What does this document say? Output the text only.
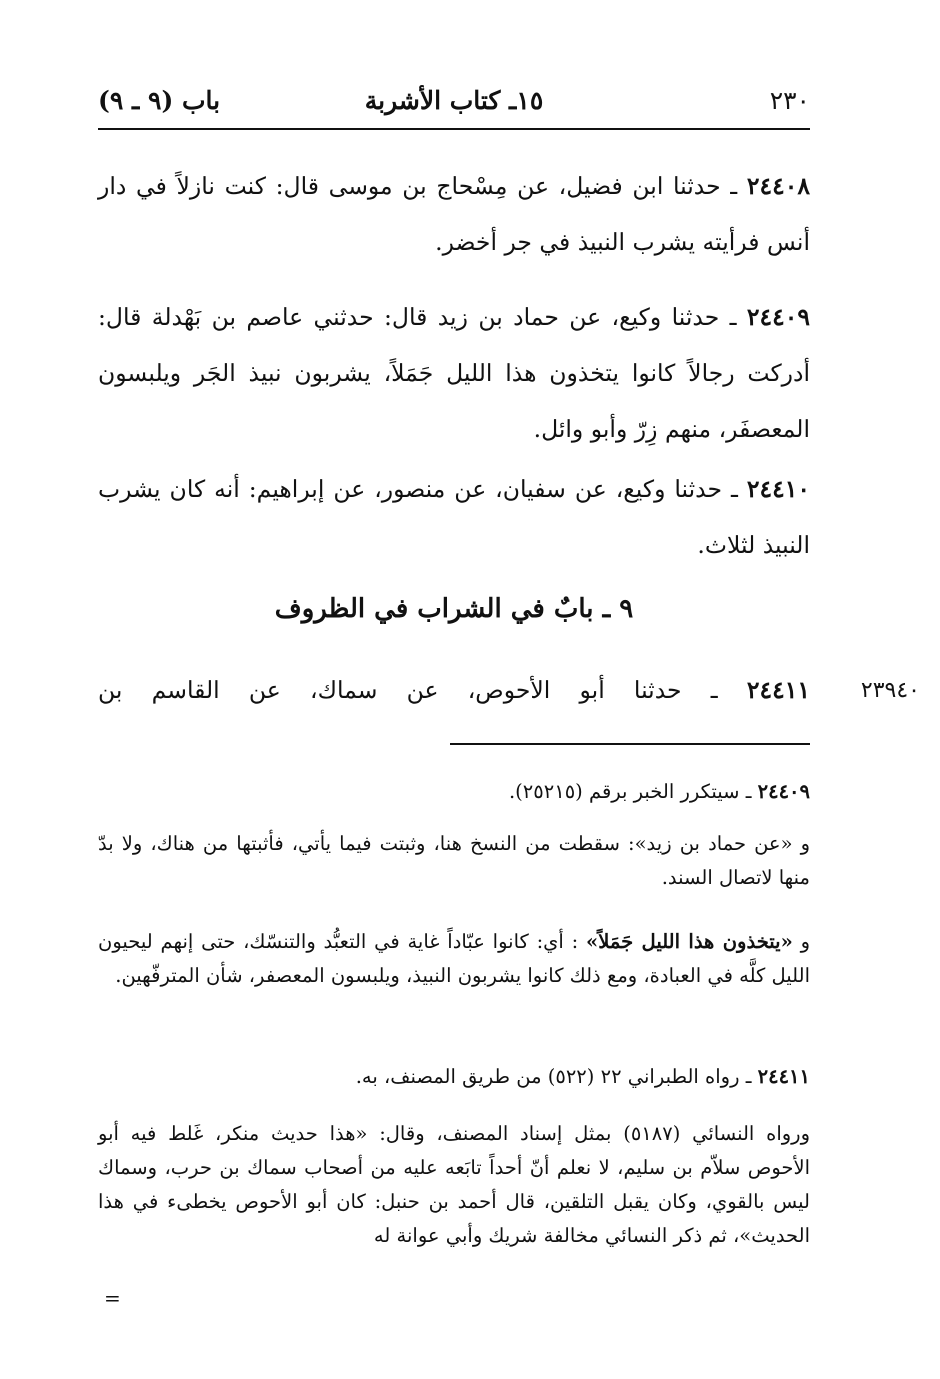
٢٣٠
١٥ـ كتاب الأشربة
باب (٩ ـ ٩)
٢٤٤٠٨ ـ حدثنا ابن فضيل، عن مِسْحاج بن موسى قال: كنت نازلاً في دار أنس فرأيته يشرب النبيذ في جر أخضر.
٢٤٤٠٩ ـ حدثنا وكيع، عن حماد بن زيد قال: حدثني عاصم بن بَهْدلة قال: أدركت رجالاً كانوا يتخذون هذا الليل جَمَلاً، يشربون نبيذ الجَر ويلبسون المعصفَر، منهم زِرّ وأبو وائل.
٢٤٤١٠ ـ حدثنا وكيع، عن سفيان، عن منصور، عن إبراهيم: أنه كان يشرب النبيذ لثلاث.
٩ ـ بابٌ في الشراب في الظروف
٢٤٤١١ ـ حدثنا أبو الأحوص، عن سماك، عن القاسم بن	٢٣٩٤٠
٢٤٤٠٩ ـ سيتكرر الخبر برقم (٢٥٢١٥).
و «عن حماد بن زيد»: سقطت من النسخ هنا، وثبتت فيما يأتي، فأثبتها من هناك، ولا بدّ منها لاتصال السند.
و «يتخذون هذا الليل جَمَلاً» : أي: كانوا عبّاداً غاية في التعبُّد والتنسّك، حتى إنهم ليحيون الليل كلَّه في العبادة، ومع ذلك كانوا يشربون النبيذ، ويلبسون المعصفر، شأن المترفّهين.
٢٤٤١١ ـ رواه الطبراني ٢٢ (٥٢٢) من طريق المصنف، به.
ورواه النسائي (٥١٨٧) بمثل إسناد المصنف، وقال: «هذا حديث منكر، غَلط فيه أبو الأحوص سلاّم بن سليم، لا نعلم أنّ أحداً تابَعه عليه من أصحاب سماك بن حرب، وسماك ليس بالقوي، وكان يقبل التلقين، قال أحمد بن حنبل: كان أبو الأحوص يخطىء في هذا الحديث»، ثم ذكر النسائي مخالفة شريك وأبي عوانة له
=
